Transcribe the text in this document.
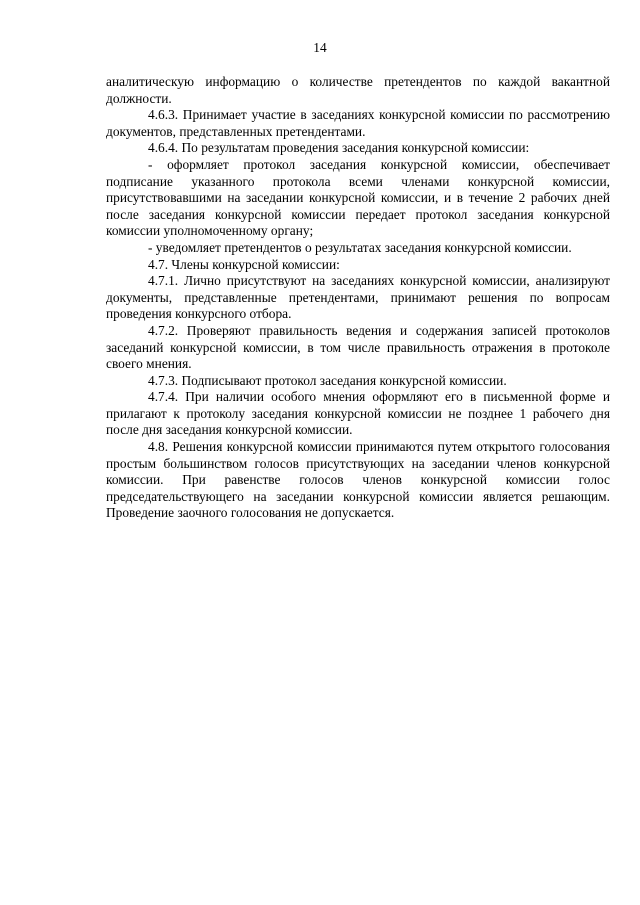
14

аналитическую информацию о количестве претендентов по каждой вакантной должности.

4.6.3. Принимает участие в заседаниях конкурсной комиссии по рассмотрению документов, представленных претендентами.

4.6.4. По результатам проведения заседания конкурсной комиссии:

- оформляет протокол заседания конкурсной комиссии, обеспечивает подписание указанного протокола всеми членами конкурсной комиссии, присутствовавшими на заседании конкурсной комиссии, и в течение 2 рабочих дней после заседания конкурсной комиссии передает протокол заседания конкурсной комиссии уполномоченному органу;

- уведомляет претендентов о результатах заседания конкурсной комиссии.

4.7. Члены конкурсной комиссии:

4.7.1. Лично присутствуют на заседаниях конкурсной комиссии, анализируют документы, представленные претендентами, принимают решения по вопросам проведения конкурсного отбора.

4.7.2. Проверяют правильность ведения и содержания записей протоколов заседаний конкурсной комиссии, в том числе правильность отражения в протоколе своего мнения.

4.7.3. Подписывают протокол заседания конкурсной комиссии.

4.7.4. При наличии особого мнения оформляют его в письменной форме и прилагают к протоколу заседания конкурсной комиссии не позднее 1 рабочего дня после дня заседания конкурсной комиссии.

4.8. Решения конкурсной комиссии принимаются путем открытого голосования простым большинством голосов присутствующих на заседании членов конкурсной комиссии. При равенстве голосов членов конкурсной комиссии голос председательствующего на заседании конкурсной комиссии является решающим. Проведение заочного голосования не допускается.
